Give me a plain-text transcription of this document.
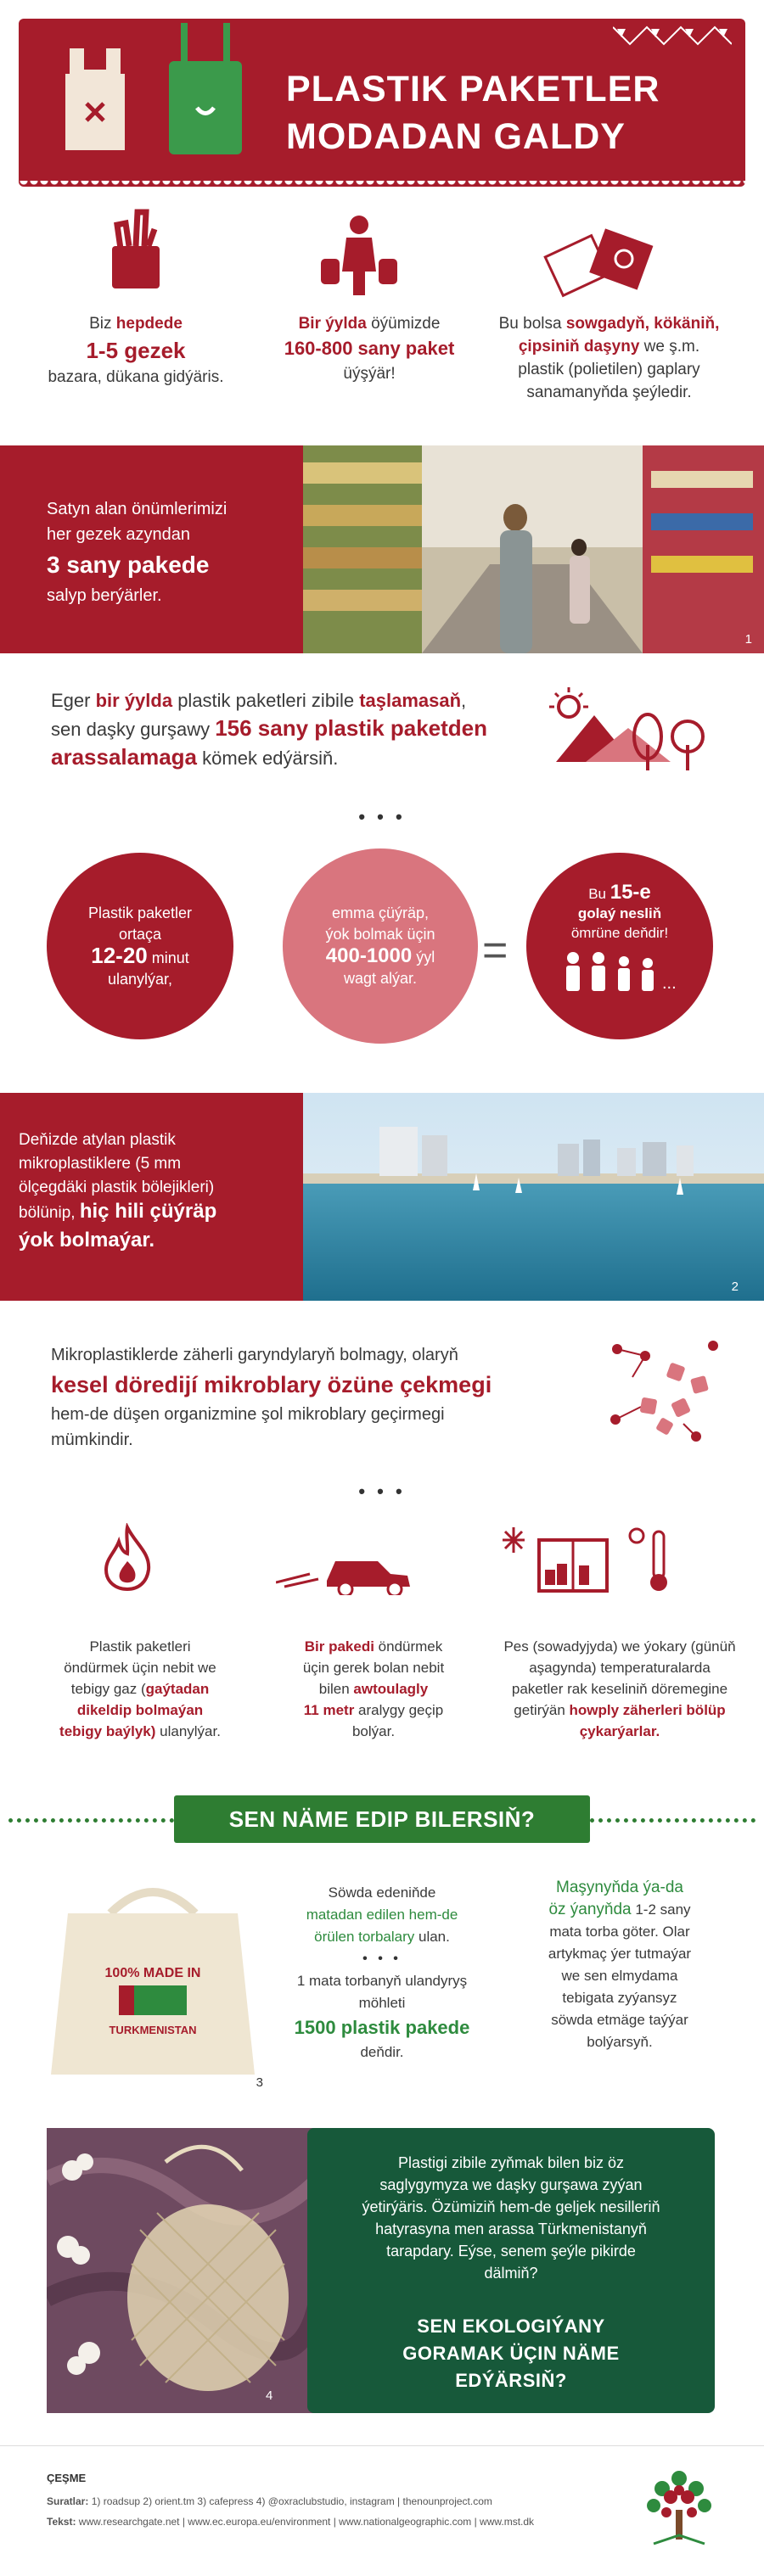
PLASTIK PAKETLER
MODADAN GALDY
Biz hepdede
1-5 gezek
bazara, dükana gidýäris.
Bir ýylda öýümizde
160-800 sany paket üýşýär!
Bu bolsa sowgadyň, kökäniň, çipsiniň daşyny we ş.m. plastik (polietilen) gaplary sanamanyňda şeýledir.
Satyn alan önümlerimizi
her gezek azyndan
3 sany pakede
salyp berýärler.
1
Eger bir ýylda plastik paketleri zibile taşlamasaň,
sen daşky gurşawy 156 sany plastik paketden
arassalamaga kömek edýärsiň.
• • •
Plastik paketler
ortaça
12-20 minut
ulanylýar,
emma çüýräp,
ýok bolmak üçin
400-1000 ýyl
wagt alýar.
=
Bu 15-e
golaý nesliň
ömrüne deňdir!
...
Deňizde atylan plastik
mikroplastiklere (5 mm
ölçegdäki plastik bölejikleri)
bölünip, hiç hili çüýräp
ýok bolmaýar.
2
Mikroplastiklerde zäherli garyndylaryň bolmagy, olaryň
kesel döredijí mikroblary özüne çekmegi
hem-de düşen organizmine şol mikroblary geçirmegi
mümkindir.
• • •
Plastik paketleri
öndürmek üçin nebit we
tebigy gaz (gaýtadan
dikeldip bolmaýan
tebigy baýlyk) ulanylýar.
Bir pakedi öndürmek
üçin gerek bolan nebit
bilen awtoulagly
11 metr aralygy geçip
bolýar.
Pes (sowadyjyda) we ýokary (günüň
aşagynda) temperaturalarda
paketler rak keseliniň döremegine
getirýän howply zäherleri bölüp
çykarýarlar.
SEN NÄME EDIP BILERSIŇ?
100% MADE IN
TURKMENISTAN
3
Söwda edeniňde
matadan edilen hem-de
örülen torbalary ulan.
• • •
1 mata torbanyň ulandyryş
möhleti
1500 plastik pakede
deňdir.
Maşynyňda ýa-da
öz ýanyňda 1-2 sany
mata torba göter. Olar
artykmaç ýer tutmaýar
we sen elmydama
tebigata zyýansyz
söwda etmäge taýýar
bolýarsyň.
4
Plastigi zibile zyňmak bilen biz öz
saglygymyza we daşky gurşawa zyýan
ýetirýäris. Özümiziň hem-de geljek nesilleriň
hatyrasyna men arassa Türkmenistanyň
tarapdary. Eýse, senem şeýle pikirde
dälmiň?
SEN EKOLOGIÝANY
GORAMAK ÜÇIN NÄME
EDÝÄRSIŇ?
ÇEŞME
Suratlar: 1) roadsup 2) orient.tm 3) cafepress 4) @oxraclubstudio, instagram | thenounproject.com
Tekst: www.researchgate.net | www.ec.europa.eu/environment | www.nationalgeographic.com | www.mst.dk
